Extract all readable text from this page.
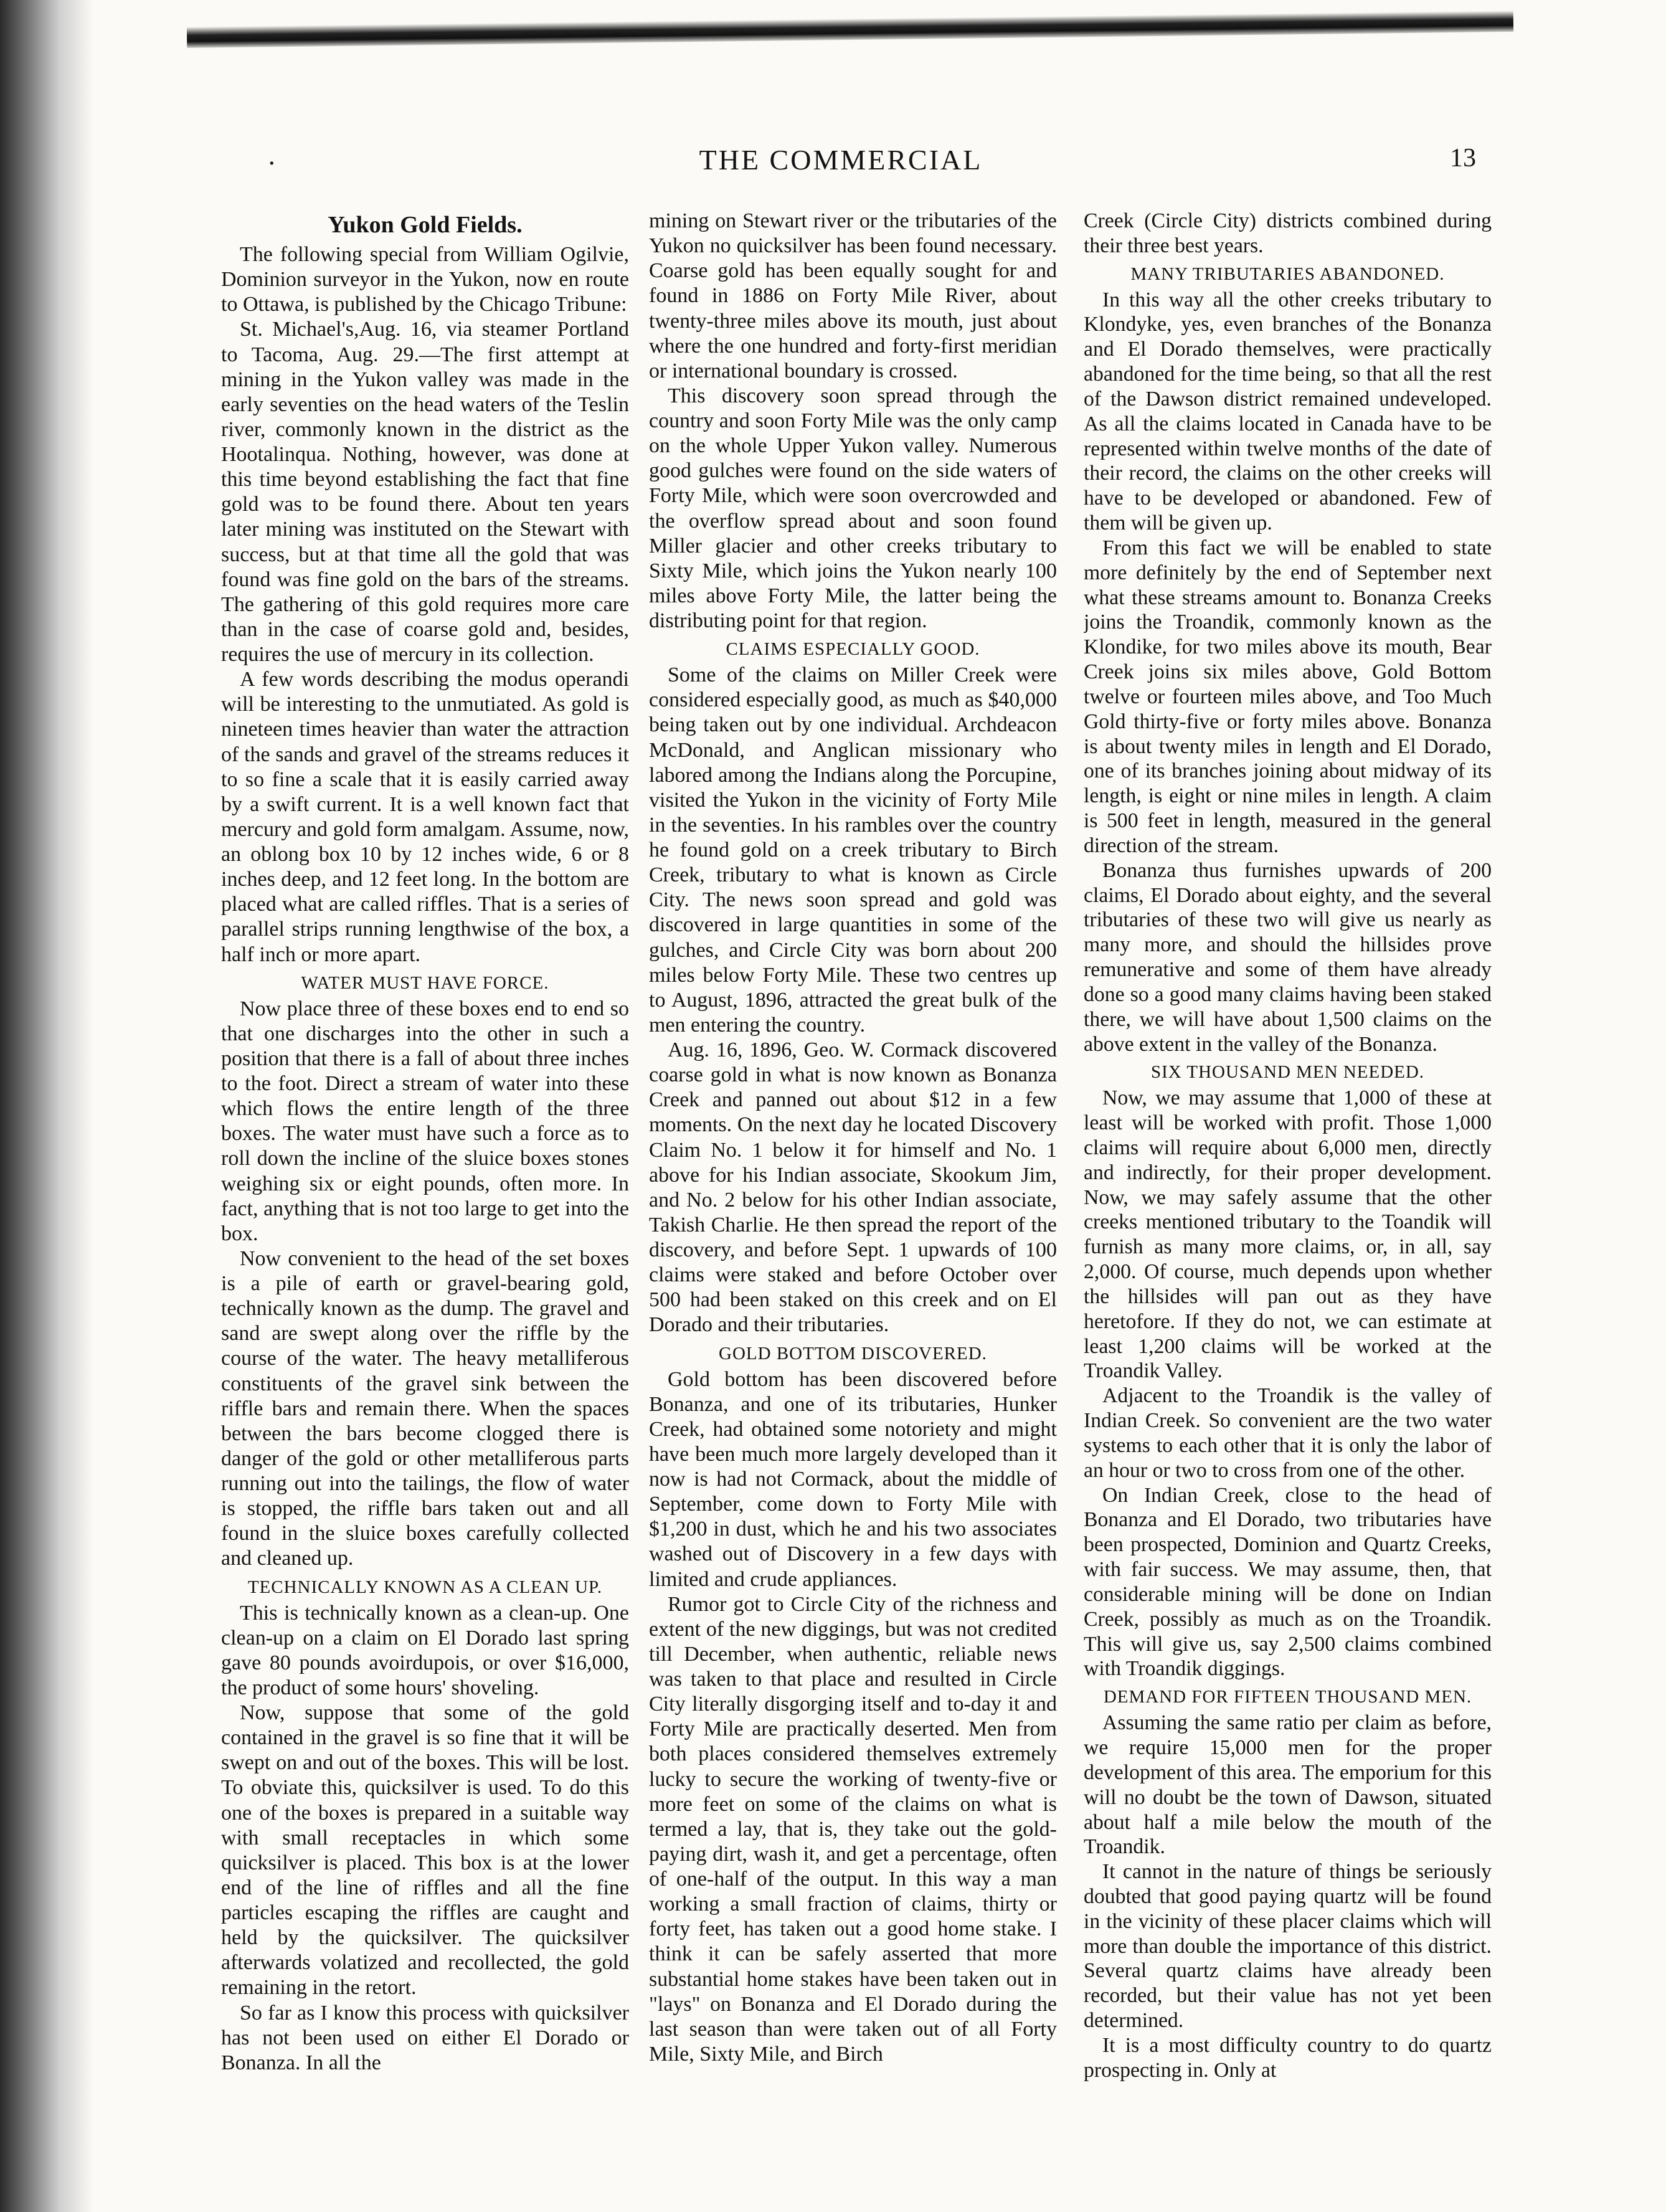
·	THE COMMERCIAL	13
Yukon Gold Fields.

The following special from William Ogilvie, Dominion surveyor in the Yukon, now en route to Ottawa, is published by the Chicago Tribune:

St. Michael's,Aug. 16, via steamer Portland to Tacoma, Aug. 29.—The first attempt at mining in the Yukon valley was made in the early seventies on the head waters of the Teslin river, commonly known in the district as the Hootalinqua. Nothing, however, was done at this time beyond establishing the fact that fine gold was to be found there. About ten years later mining was instituted on the Stewart with success, but at that time all the gold that was found was fine gold on the bars of the streams. The gathering of this gold requires more care than in the case of coarse gold and, besides, requires the use of mercury in its collection.

A few words describing the modus operandi will be interesting to the unmutiated. As gold is nineteen times heavier than water the attraction of the sands and gravel of the streams reduces it to so fine a scale that it is easily carried away by a swift current. It is a well known fact that mercury and gold form amalgam. Assume, now, an oblong box 10 by 12 inches wide, 6 or 8 inches deep, and 12 feet long. In the bottom are placed what are called riffles. That is a series of parallel strips running lengthwise of the box, a half inch or more apart.

WATER MUST HAVE FORCE.

Now place three of these boxes end to end so that one discharges into the other in such a position that there is a fall of about three inches to the foot. Direct a stream of water into these which flows the entire length of the three boxes. The water must have such a force as to roll down the incline of the sluice boxes stones weighing six or eight pounds, often more. In fact, anything that is not too large to get into the box.

Now convenient to the head of the set boxes is a pile of earth or gravel-bearing gold, technically known as the dump. The gravel and sand are swept along over the riffle by the course of the water. The heavy metalliferous constituents of the gravel sink between the riffle bars and remain there. When the spaces between the bars become clogged there is danger of the gold or other metalliferous parts running out into the tailings, the flow of water is stopped, the riffle bars taken out and all found in the sluice boxes carefully collected and cleaned up.

TECHNICALLY KNOWN AS A CLEAN UP.

This is technically known as a clean-up. One clean-up on a claim on El Dorado last spring gave 80 pounds avoirdupois, or over $16,000, the product of some hours' shoveling.

Now, suppose that some of the gold contained in the gravel is so fine that it will be swept on and out of the boxes. This will be lost. To obviate this, quicksilver is used. To do this one of the boxes is prepared in a suitable way with small receptacles in which some quicksilver is placed. This box is at the lower end of the line of riffles and all the fine particles escaping the riffles are caught and held by the quicksilver. The quicksilver afterwards volatized and recollected, the gold remaining in the retort.

So far as I know this process with quicksilver has not been used on either El Dorado or Bonanza. In all the

mining on Stewart river or the tributaries of the Yukon no quicksilver has been found necessary. Coarse gold has been equally sought for and found in 1886 on Forty Mile River, about twenty-three miles above its mouth, just about where the one hundred and forty-first meridian or international boundary is crossed.

This discovery soon spread through the country and soon Forty Mile was the only camp on the whole Upper Yukon valley. Numerous good gulches were found on the side waters of Forty Mile, which were soon overcrowded and the overflow spread about and soon found Miller glacier and other creeks tributary to Sixty Mile, which joins the Yukon nearly 100 miles above Forty Mile, the latter being the distributing point for that region.

CLAIMS ESPECIALLY GOOD.

Some of the claims on Miller Creek were considered especially good, as much as $40,000 being taken out by one individual. Archdeacon McDonald, and Anglican missionary who labored among the Indians along the Porcupine, visited the Yukon in the vicinity of Forty Mile in the seventies. In his rambles over the country he found gold on a creek tributary to Birch Creek, tributary to what is known as Circle City. The news soon spread and gold was discovered in large quantities in some of the gulches, and Circle City was born about 200 miles below Forty Mile. These two centres up to August, 1896, attracted the great bulk of the men entering the country.

Aug. 16, 1896, Geo. W. Cormack discovered coarse gold in what is now known as Bonanza Creek and panned out about $12 in a few moments. On the next day he located Discovery Claim No. 1 below it for himself and No. 1 above for his Indian associate, Skookum Jim, and No. 2 below for his other Indian associate, Takish Charlie. He then spread the report of the discovery, and before Sept. 1 upwards of 100 claims were staked and before October over 500 had been staked on this creek and on El Dorado and their tributaries.

GOLD BOTTOM DISCOVERED.

Gold bottom has been discovered before Bonanza, and one of its tributaries, Hunker Creek, had obtained some notoriety and might have been much more largely developed than it now is had not Cormack, about the middle of September, come down to Forty Mile with $1,200 in dust, which he and his two associates washed out of Discovery in a few days with limited and crude appliances.

Rumor got to Circle City of the richness and extent of the new diggings, but was not credited till December, when authentic, reliable news was taken to that place and resulted in Circle City literally disgorging itself and to-day it and Forty Mile are practically deserted. Men from both places considered themselves extremely lucky to secure the working of twenty-five or more feet on some of the claims on what is termed a lay, that is, they take out the gold-paying dirt, wash it, and get a percentage, often of one-half of the output. In this way a man working a small fraction of claims, thirty or forty feet, has taken out a good home stake. I think it can be safely asserted that more substantial home stakes have been taken out in "lays" on Bonanza and El Dorado during the last season than were taken out of all Forty Mile, Sixty Mile, and Birch

Creek (Circle City) districts combined during their three best years.

MANY TRIBUTARIES ABANDONED.

In this way all the other creeks tributary to Klondyke, yes, even branches of the Bonanza and El Dorado themselves, were practically abandoned for the time being, so that all the rest of the Dawson district remained undeveloped. As all the claims located in Canada have to be represented within twelve months of the date of their record, the claims on the other creeks will have to be developed or abandoned. Few of them will be given up.

From this fact we will be enabled to state more definitely by the end of September next what these streams amount to. Bonanza Creeks joins the Troandik, commonly known as the Klondike, for two miles above its mouth, Bear Creek joins six miles above, Gold Bottom twelve or fourteen miles above, and Too Much Gold thirty-five or forty miles above. Bonanza is about twenty miles in length and El Dorado, one of its branches joining about midway of its length, is eight or nine miles in length. A claim is 500 feet in length, measured in the general direction of the stream.

Bonanza thus furnishes upwards of 200 claims, El Dorado about eighty, and the several tributaries of these two will give us nearly as many more, and should the hillsides prove remunerative and some of them have already done so a good many claims having been staked there, we will have about 1,500 claims on the above extent in the valley of the Bonanza.

SIX THOUSAND MEN NEEDED.

Now, we may assume that 1,000 of these at least will be worked with profit. Those 1,000 claims will require about 6,000 men, directly and indirectly, for their proper development. Now, we may safely assume that the other creeks mentioned tributary to the Toandik will furnish as many more claims, or, in all, say 2,000. Of course, much depends upon whether the hillsides will pan out as they have heretofore. If they do not, we can estimate at least 1,200 claims will be worked at the Troandik Valley.

Adjacent to the Troandik is the valley of Indian Creek. So convenient are the two water systems to each other that it is only the labor of an hour or two to cross from one of the other.

On Indian Creek, close to the head of Bonanza and El Dorado, two tributaries have been prospected, Dominion and Quartz Creeks, with fair success. We may assume, then, that considerable mining will be done on Indian Creek, possibly as much as on the Troandik. This will give us, say 2,500 claims combined with Troandik diggings.

DEMAND FOR FIFTEEN THOUSAND MEN.

Assuming the same ratio per claim as before, we require 15,000 men for the proper development of this area. The emporium for this will no doubt be the town of Dawson, situated about half a mile below the mouth of the Troandik.

It cannot in the nature of things be seriously doubted that good paying quartz will be found in the vicinity of these placer claims which will more than double the importance of this district. Several quartz claims have already been recorded, but their value has not yet been determined.

It is a most difficulty country to do quartz prospecting in. Only at
